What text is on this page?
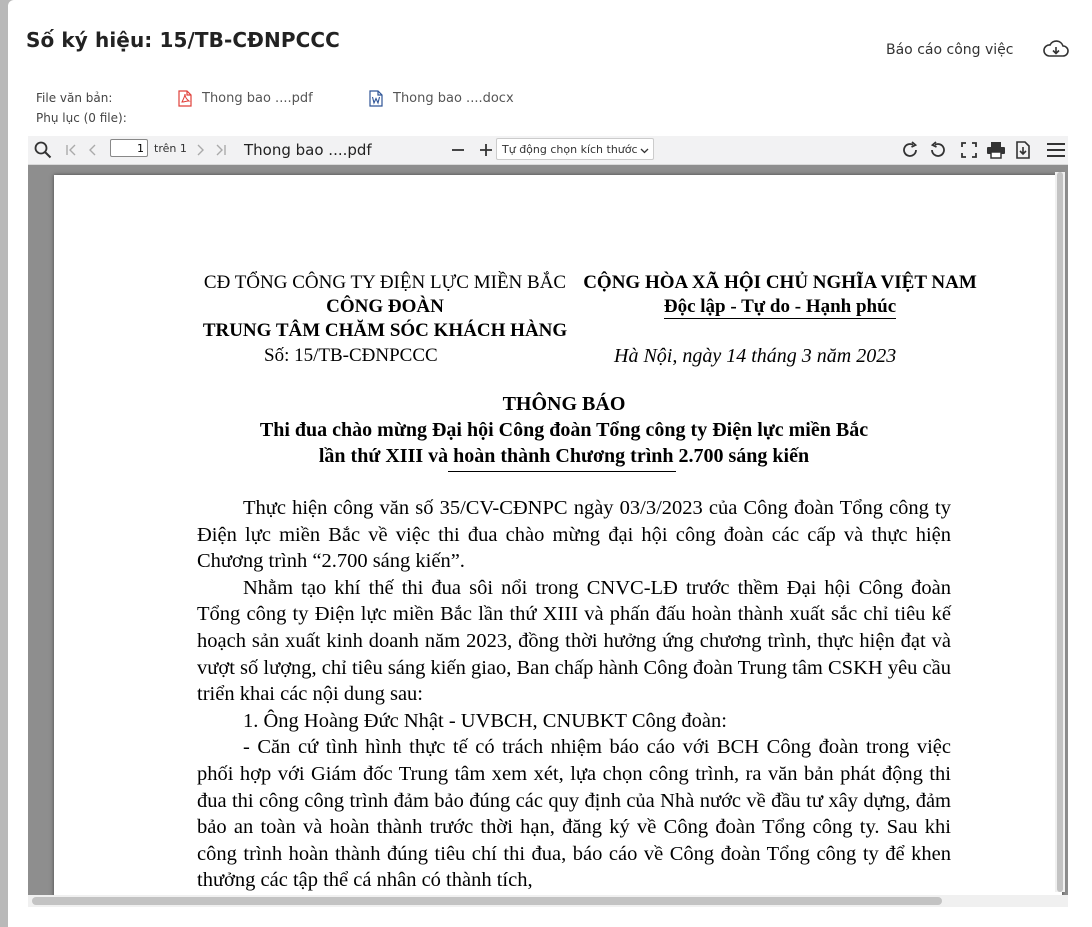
Số ký hiệu: 15/TB-CĐNPCCC	Báo cáo công việc
File văn bản:
Phụ lục (0 file):
Thong bao ....pdf	Thong bao ....docx
1
trên 1	Thong bao ....pdf	Tự động chọn kích thước
CĐ TỔNG CÔNG TY ĐIỆN LỰC MIỀN BẮC
CÔNG ĐOÀN
TRUNG TÂM CHĂM SÓC KHÁCH HÀNG
CỘNG HÒA XÃ HỘI CHỦ NGHĨA VIỆT NAM
Độc lập - Tự do - Hạnh phúc
Số: 15/TB-CĐNPCCC	Hà Nội, ngày 14 tháng 3 năm 2023
THÔNG BÁO
Thi đua chào mừng Đại hội Công đoàn Tổng công ty Điện lực miền Bắc
lần thứ XIII và hoàn thành Chương trình 2.700 sáng kiến

Thực hiện công văn số 35/CV-CĐNPC ngày 03/3/2023 của Công đoàn Tổng công ty Điện lực miền Bắc về việc thi đua chào mừng đại hội công đoàn các cấp và thực hiện Chương trình “2.700 sáng kiến”.

Nhằm tạo khí thế thi đua sôi nổi trong CNVC-LĐ trước thềm Đại hội Công đoàn Tổng công ty Điện lực miền Bắc lần thứ XIII và phấn đấu hoàn thành xuất sắc chỉ tiêu kế hoạch sản xuất kinh doanh năm 2023, đồng thời hưởng ứng chương trình, thực hiện đạt và vượt số lượng, chỉ tiêu sáng kiến giao, Ban chấp hành Công đoàn Trung tâm CSKH yêu cầu triển khai các nội dung sau:

1. Ông Hoàng Đức Nhật - UVBCH, CNUBKT Công đoàn:

- Căn cứ tình hình thực tế có trách nhiệm báo cáo với BCH Công đoàn trong việc phối hợp với Giám đốc Trung tâm xem xét, lựa chọn công trình, ra văn bản phát động thi đua thi công công trình đảm bảo đúng các quy định của Nhà nước về đầu tư xây dựng, đảm bảo an toàn và hoàn thành trước thời hạn, đăng ký về Công đoàn Tổng công ty. Sau khi công trình hoàn thành đúng tiêu chí thi đua, báo cáo về Công đoàn Tổng công ty để khen thưởng các tập thể cá nhân có thành tích,
